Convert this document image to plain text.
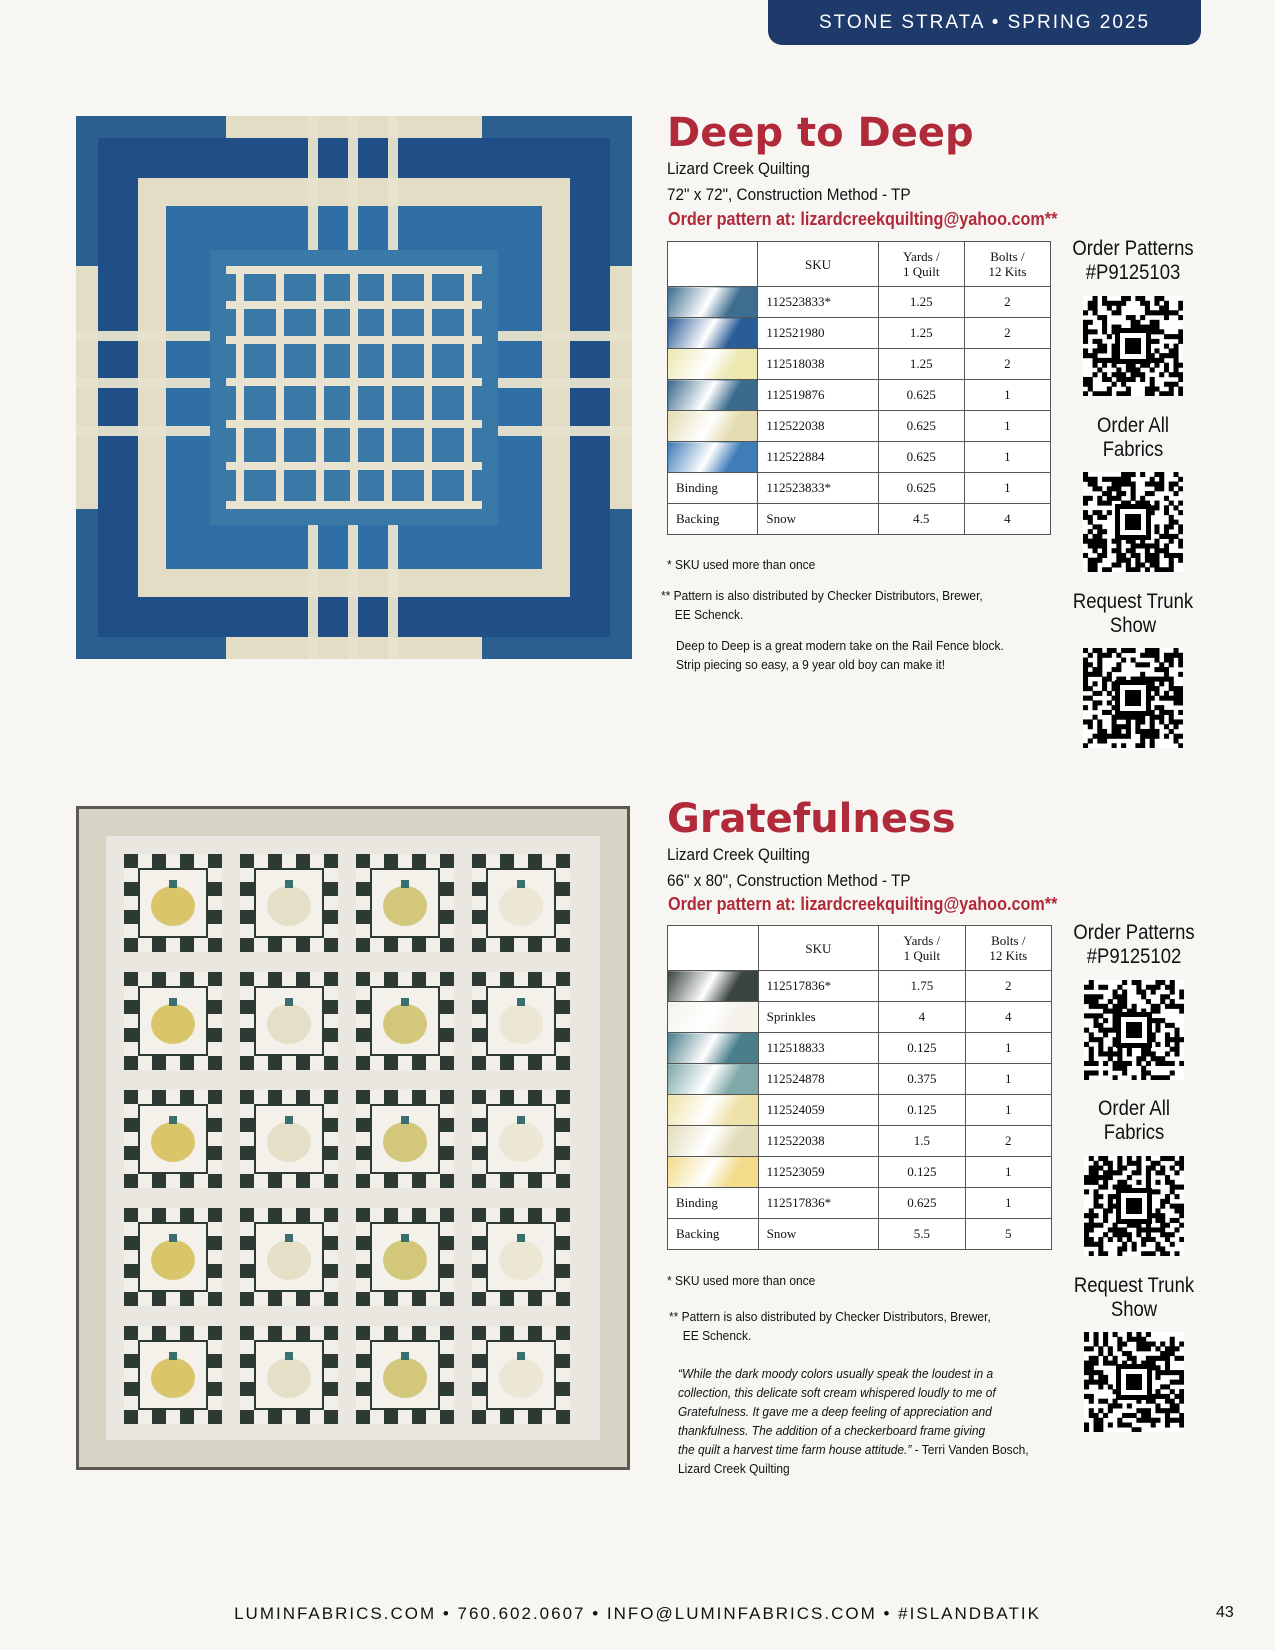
STONE STRATA • SPRING 2025
Deep to Deep
Lizard Creek Quilting
72" x 72", Construction Method - TP
Order pattern at: lizardcreekquilting@yahoo.com**
	SKU	Yards /
1 Quilt	Bolts /
12 Kits
	112523833*	1.25	2
	112521980	1.25	2
	112518038	1.25	2
	112519876	0.625	1
	112522038	0.625	1
	112522884	0.625	1
Binding	112523833*	0.625	1
Backing	Snow	4.5	4
* SKU used more than once
** Pattern is also distributed by Checker Distributors, Brewer,
EE Schenck.
Deep to Deep is a great modern take on the Rail Fence block.
Strip piecing so easy, a 9 year old boy can make it!
Order Patterns
#P9125103
Order All
Fabrics
Request Trunk
Show
Gratefulness
Lizard Creek Quilting
66" x 80", Construction Method - TP
Order pattern at: lizardcreekquilting@yahoo.com**
	SKU	Yards /
1 Quilt	Bolts /
12 Kits
	112517836*	1.75	2
	Sprinkles	4	4
	112518833	0.125	1
	112524878	0.375	1
	112524059	0.125	1
	112522038	1.5	2
	112523059	0.125	1
Binding	112517836*	0.625	1
Backing	Snow	5.5	5
* SKU used more than once
** Pattern is also distributed by Checker Distributors, Brewer,
EE Schenck.
“While the dark moody colors usually speak the loudest in a
collection, this delicate soft cream whispered loudly to me of
Gratefulness. It gave me a deep feeling of appreciation and
thankfulness. The addition of a checkerboard frame giving
the quilt a harvest time farm house attitude.” - Terri Vanden Bosch,
Lizard Creek Quilting
Order Patterns
#P9125102
Order All
Fabrics
Request Trunk
Show
LUMINFABRICS.COM • 760.602.0607 • INFO@LUMINFABRICS.COM • #ISLANDBATIK	43
